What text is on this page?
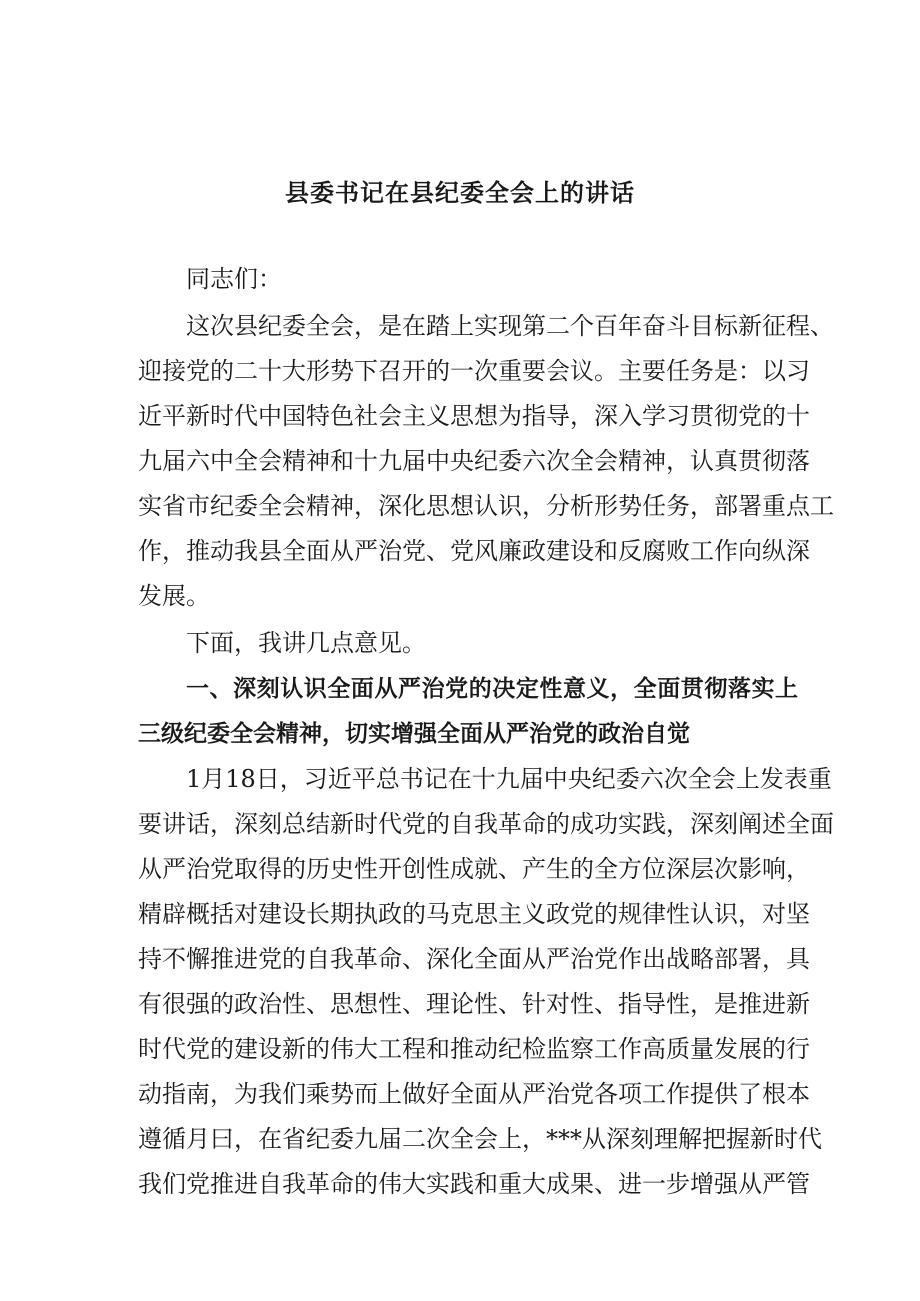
县委书记在县纪委全会上的讲话

同志们：

这次县纪委全会，是在踏上实现第二个百年奋斗目标新征程、

迎接党的二十大形势下召开的一次重要会议。主要任务是：以习

近平新时代中国特色社会主义思想为指导，深入学习贯彻党的十

九届六中全会精神和十九届中央纪委六次全会精神，认真贯彻落

实省市纪委全会精神，深化思想认识，分析形势任务，部署重点工

作，推动我县全面从严治党、党风廉政建设和反腐败工作向纵深

发展。

下面，我讲几点意见。

一、深刻认识全面从严治党的决定性意义，全面贯彻落实上

三级纪委全会精神，切实增强全面从严治党的政治自觉

1月18日，习近平总书记在十九届中央纪委六次全会上发表重

要讲话，深刻总结新时代党的自我革命的成功实践，深刻阐述全面

从严治党取得的历史性开创性成就、产生的全方位深层次影响，

精辟概括对建设长期执政的马克思主义政党的规律性认识，对坚

持不懈推进党的自我革命、深化全面从严治党作出战略部署，具

有很强的政治性、思想性、理论性、针对性、指导性，是推进新

时代党的建设新的伟大工程和推动纪检监察工作高质量发展的行

动指南，为我们乘势而上做好全面从严治党各项工作提供了根本

遵循月曰，在省纪委九届二次全会上，***从深刻理解把握新时代

我们党推进自我革命的伟大实践和重大成果、进一步增强从严管
